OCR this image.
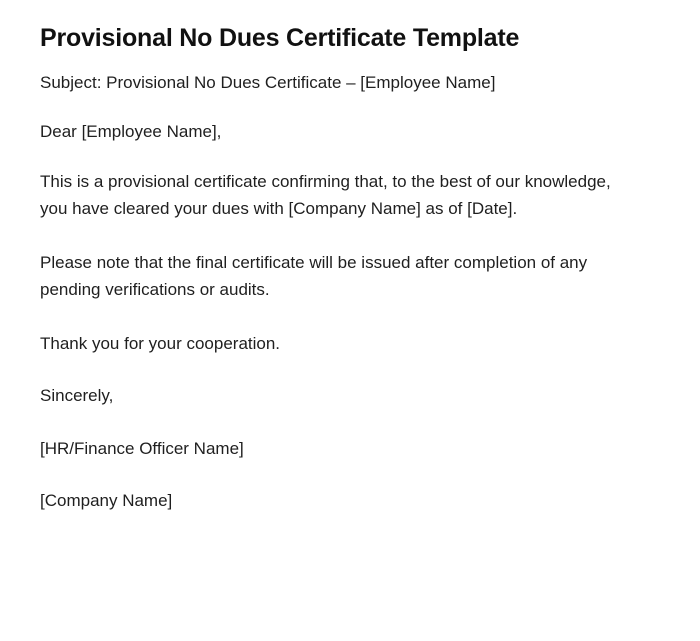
Provisional No Dues Certificate Template

Subject: Provisional No Dues Certificate – [Employee Name]

Dear [Employee Name],

This is a provisional certificate confirming that, to the best of our knowledge, you have cleared your dues with [Company Name] as of [Date].

Please note that the final certificate will be issued after completion of any pending verifications or audits.

Thank you for your cooperation.

Sincerely,

[HR/Finance Officer Name]

[Company Name]
